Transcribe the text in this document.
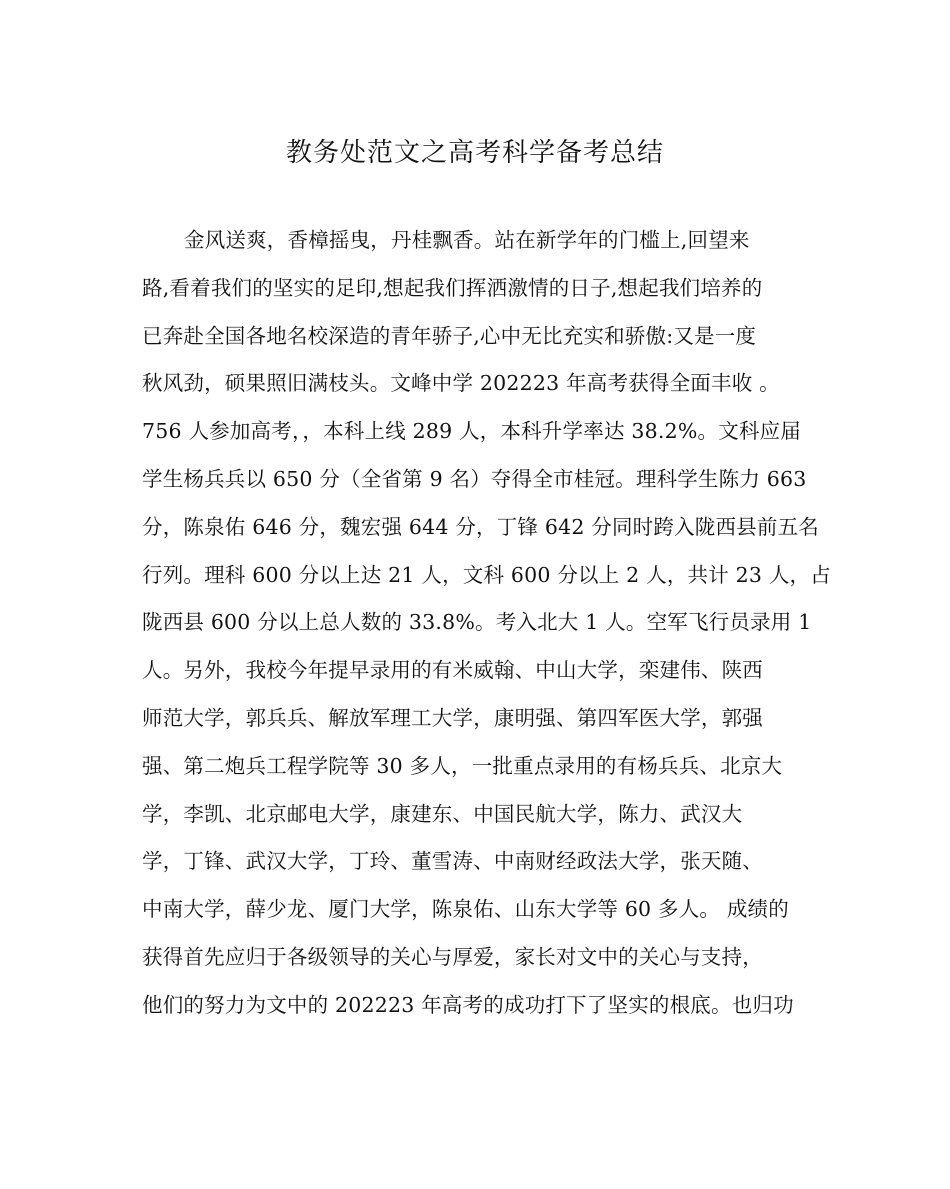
教务处范文之高考科学备考总结
金风送爽，香樟摇曳，丹桂飘香。站在新学年的门槛上,回望来
路,看着我们的坚实的足印,想起我们挥洒激情的日子,想起我们培养的
已奔赴全国各地名校深造的青年骄子,心中无比充实和骄傲:又是一度
秋风劲，硕果照旧满枝头。文峰中学 202223 年高考获得全面丰收 。
756 人参加高考，，本科上线 289 人，本科升学率达 38.2%。文科应届
学生杨兵兵以 650 分（全省第 9 名）夺得全市桂冠。理科学生陈力 663
分，陈泉佑 646 分，魏宏强 644 分，丁锋 642 分同时跨入陇西县前五名
行列。理科 600 分以上达 21 人，文科 600 分以上 2 人，共计 23 人，占
陇西县 600 分以上总人数的 33.8%。考入北大 1 人。空军飞行员录用 1
人。另外，我校今年提早录用的有米威翰、中山大学，栾建伟、陕西
师范大学，郭兵兵、解放军理工大学，康明强、第四军医大学，郭强
强、第二炮兵工程学院等 30 多人，一批重点录用的有杨兵兵、北京大
学，李凯、北京邮电大学，康建东、中国民航大学，陈力、武汉大
学，丁锋、武汉大学，丁玲、董雪涛、中南财经政法大学，张天随、
中南大学，薛少龙、厦门大学，陈泉佑、山东大学等 60 多人。 成绩的
获得首先应归于各级领导的关心与厚爱，家长对文中的关心与支持，
他们的努力为文中的 202223 年高考的成功打下了坚实的根底。也归功
